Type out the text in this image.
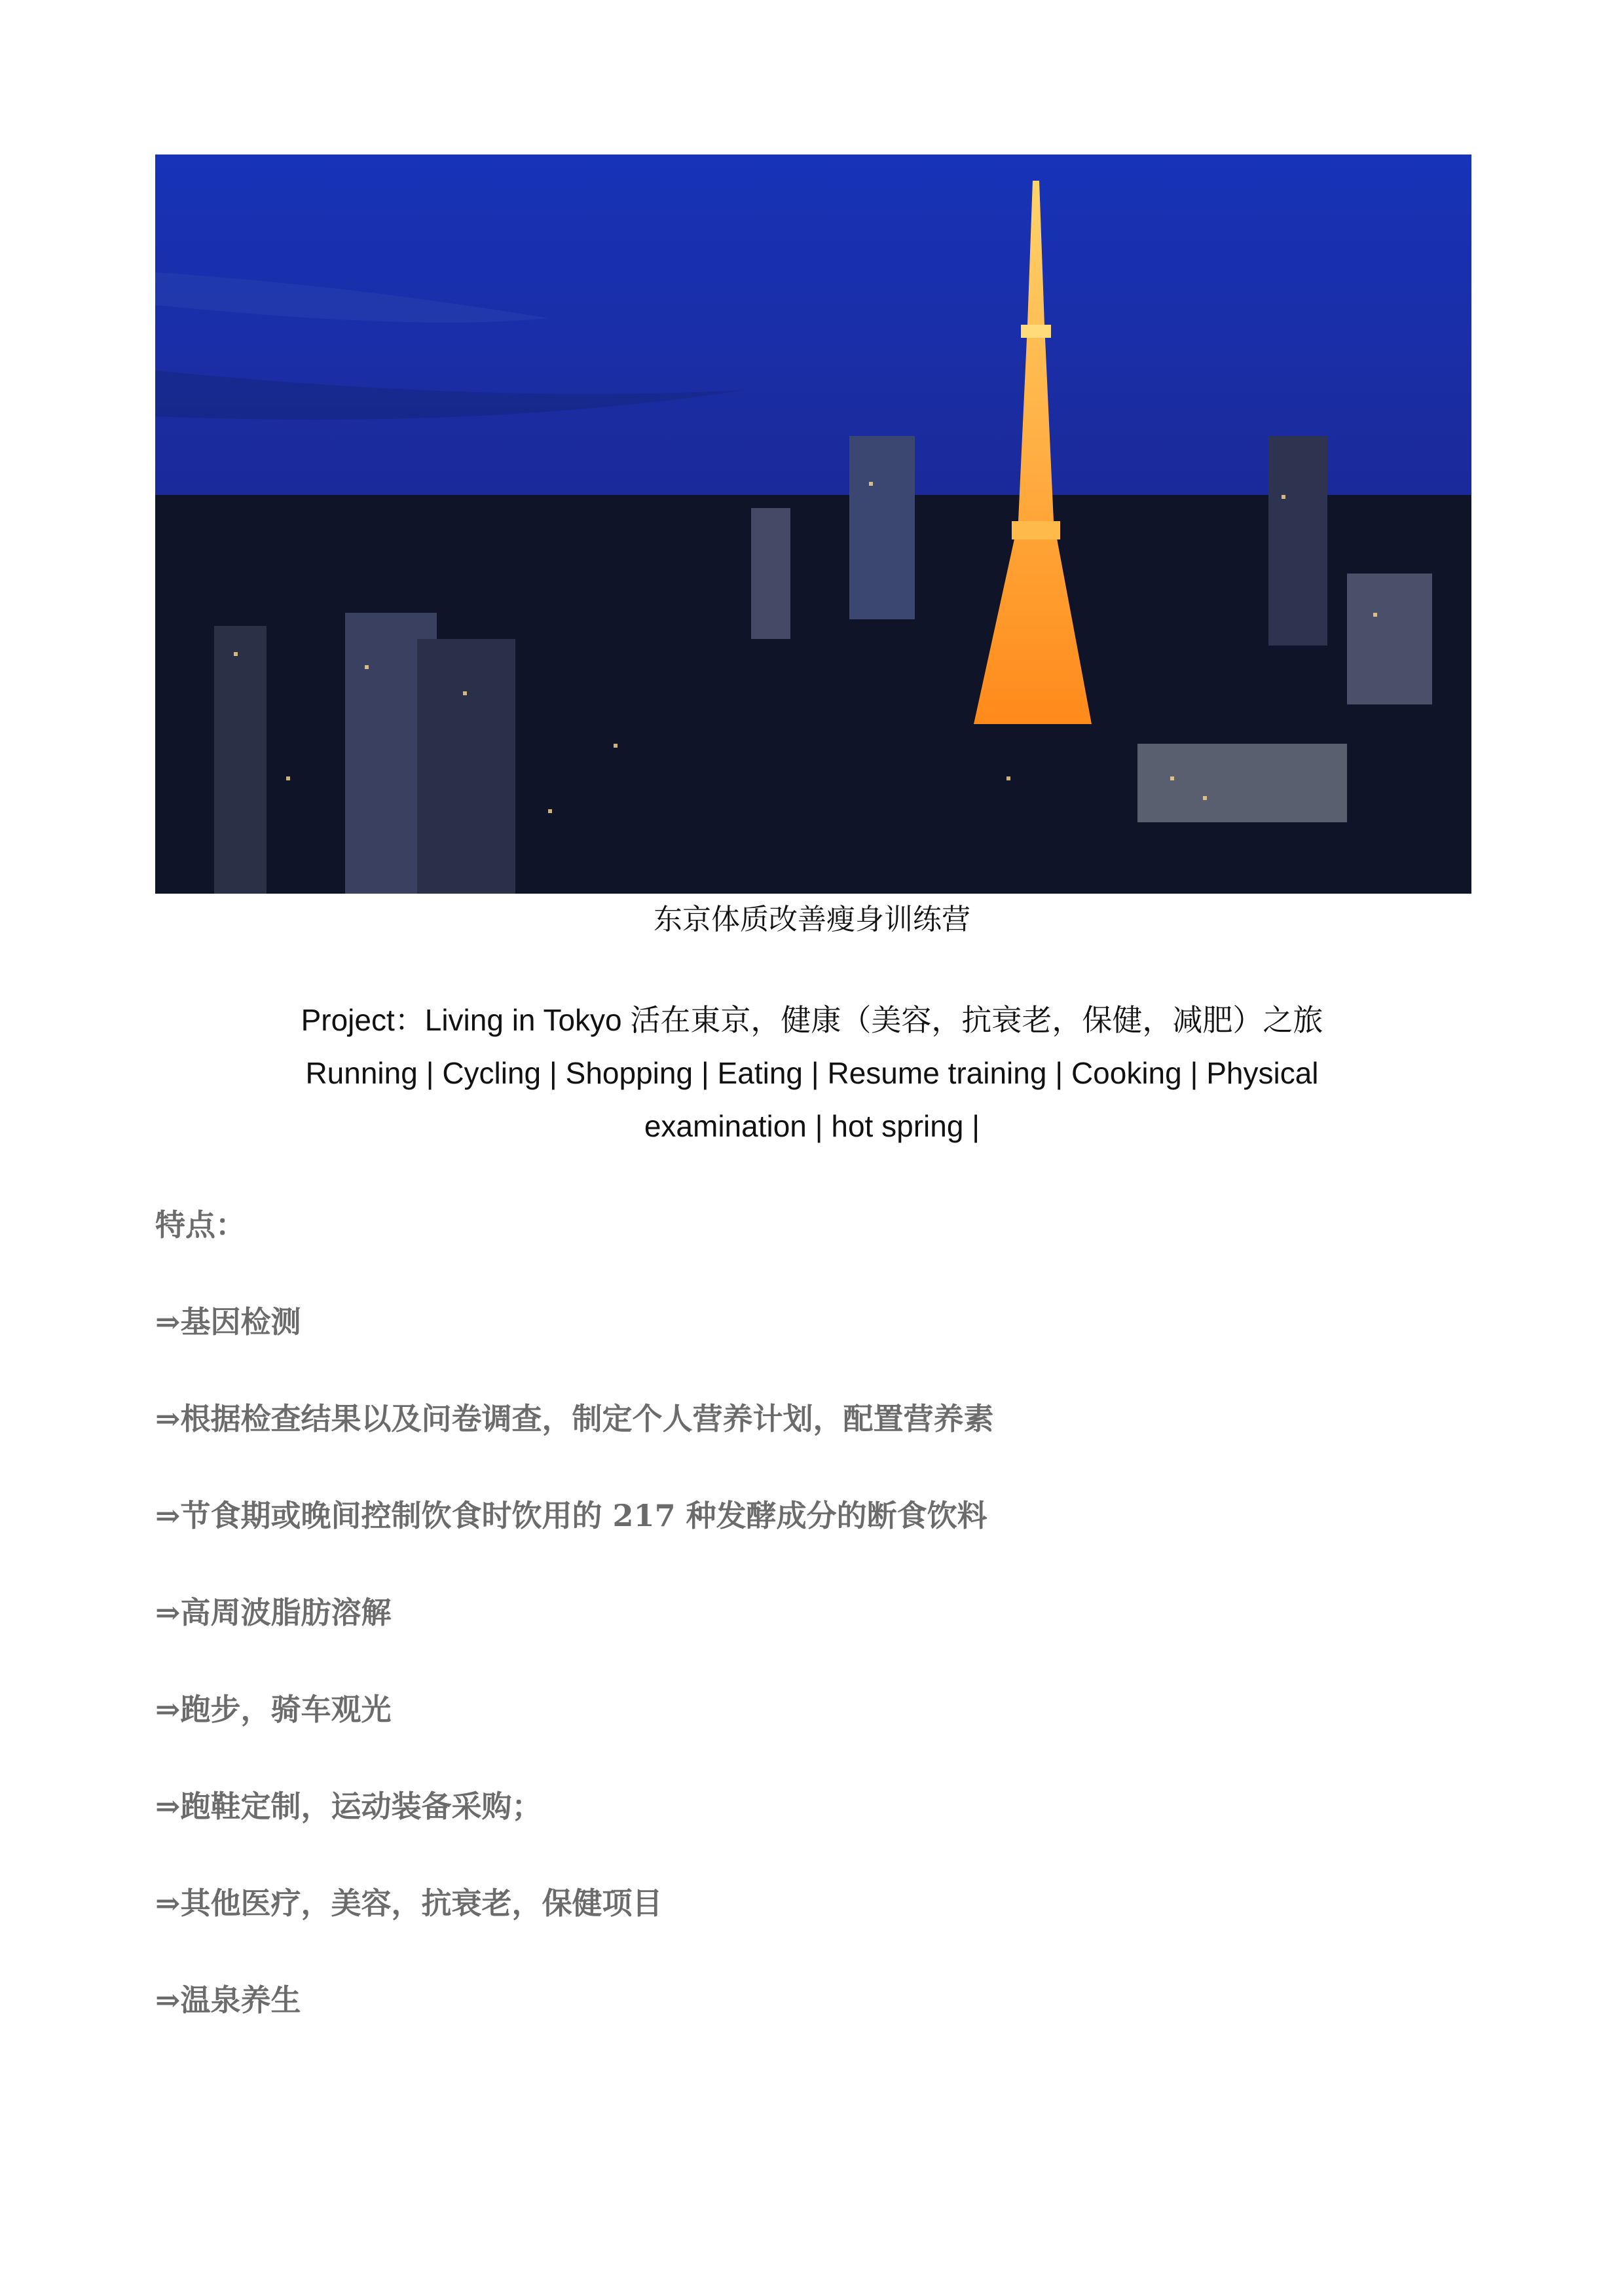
东京体质改善瘦身训练营

Project：Living in Tokyo 活在東京，健康（美容，抗衰老，保健，减肥）之旅

Running | Cycling | Shopping | Eating | Resume training | Cooking | Physical

examination | hot spring |

特点：

⇒基因检测
⇒根据检查结果以及问卷调查，制定个人营养计划，配置营养素
⇒节食期或晚间控制饮食时饮用的 217 种发酵成分的断食饮料
⇒高周波脂肪溶解
⇒跑步，骑车观光
⇒跑鞋定制，运动装备采购；
⇒其他医疗，美容，抗衰老，保健项目
⇒温泉养生
